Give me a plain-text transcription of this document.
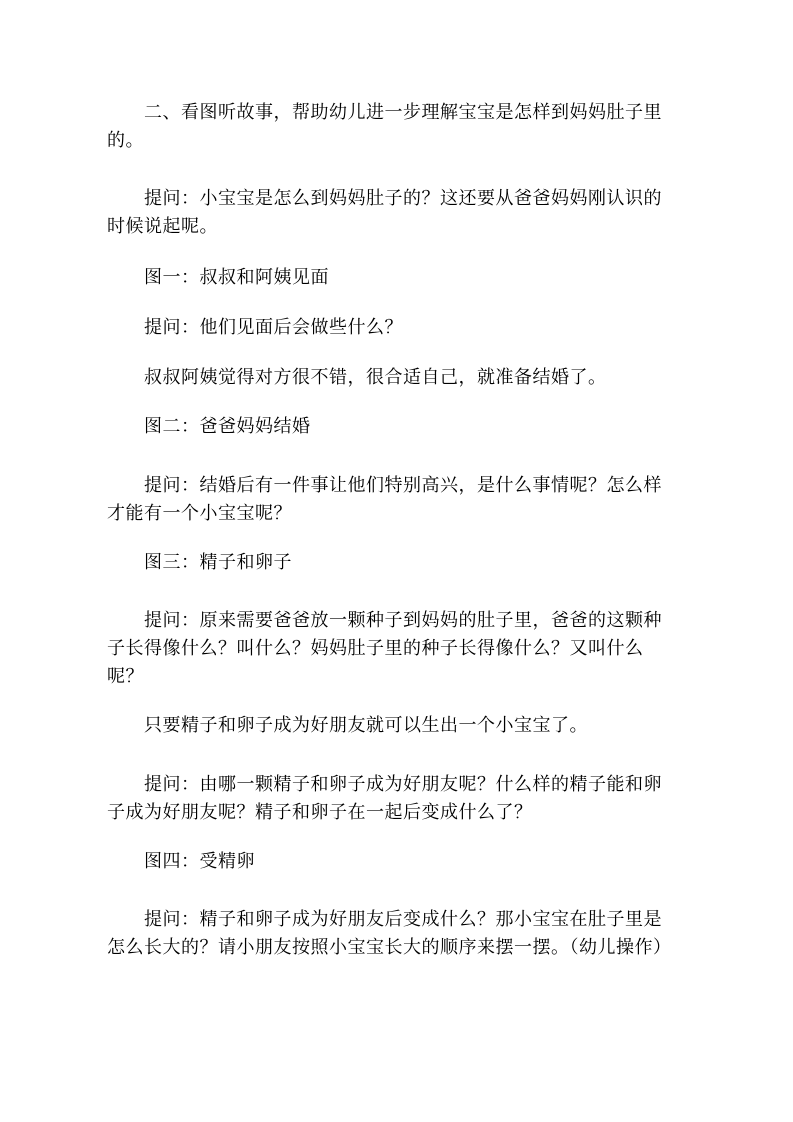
二、看图听故事，帮助幼儿进一步理解宝宝是怎样到妈妈肚子里的。

提问：小宝宝是怎么到妈妈肚子的？这还要从爸爸妈妈刚认识的时候说起呢。

图一：叔叔和阿姨见面

提问：他们见面后会做些什么？

叔叔阿姨觉得对方很不错，很合适自己，就准备结婚了。

图二：爸爸妈妈结婚

提问：结婚后有一件事让他们特别高兴，是什么事情呢？怎么样才能有一个小宝宝呢？

图三：精子和卵子

提问：原来需要爸爸放一颗种子到妈妈的肚子里，爸爸的这颗种子长得像什么？叫什么？妈妈肚子里的种子长得像什么？又叫什么呢？

只要精子和卵子成为好朋友就可以生出一个小宝宝了。

提问：由哪一颗精子和卵子成为好朋友呢？什么样的精子能和卵子成为好朋友呢？精子和卵子在一起后变成什么了？

图四：受精卵

提问：精子和卵子成为好朋友后变成什么？那小宝宝在肚子里是怎么长大的？请小朋友按照小宝宝长大的顺序来摆一摆。（幼儿操作）
